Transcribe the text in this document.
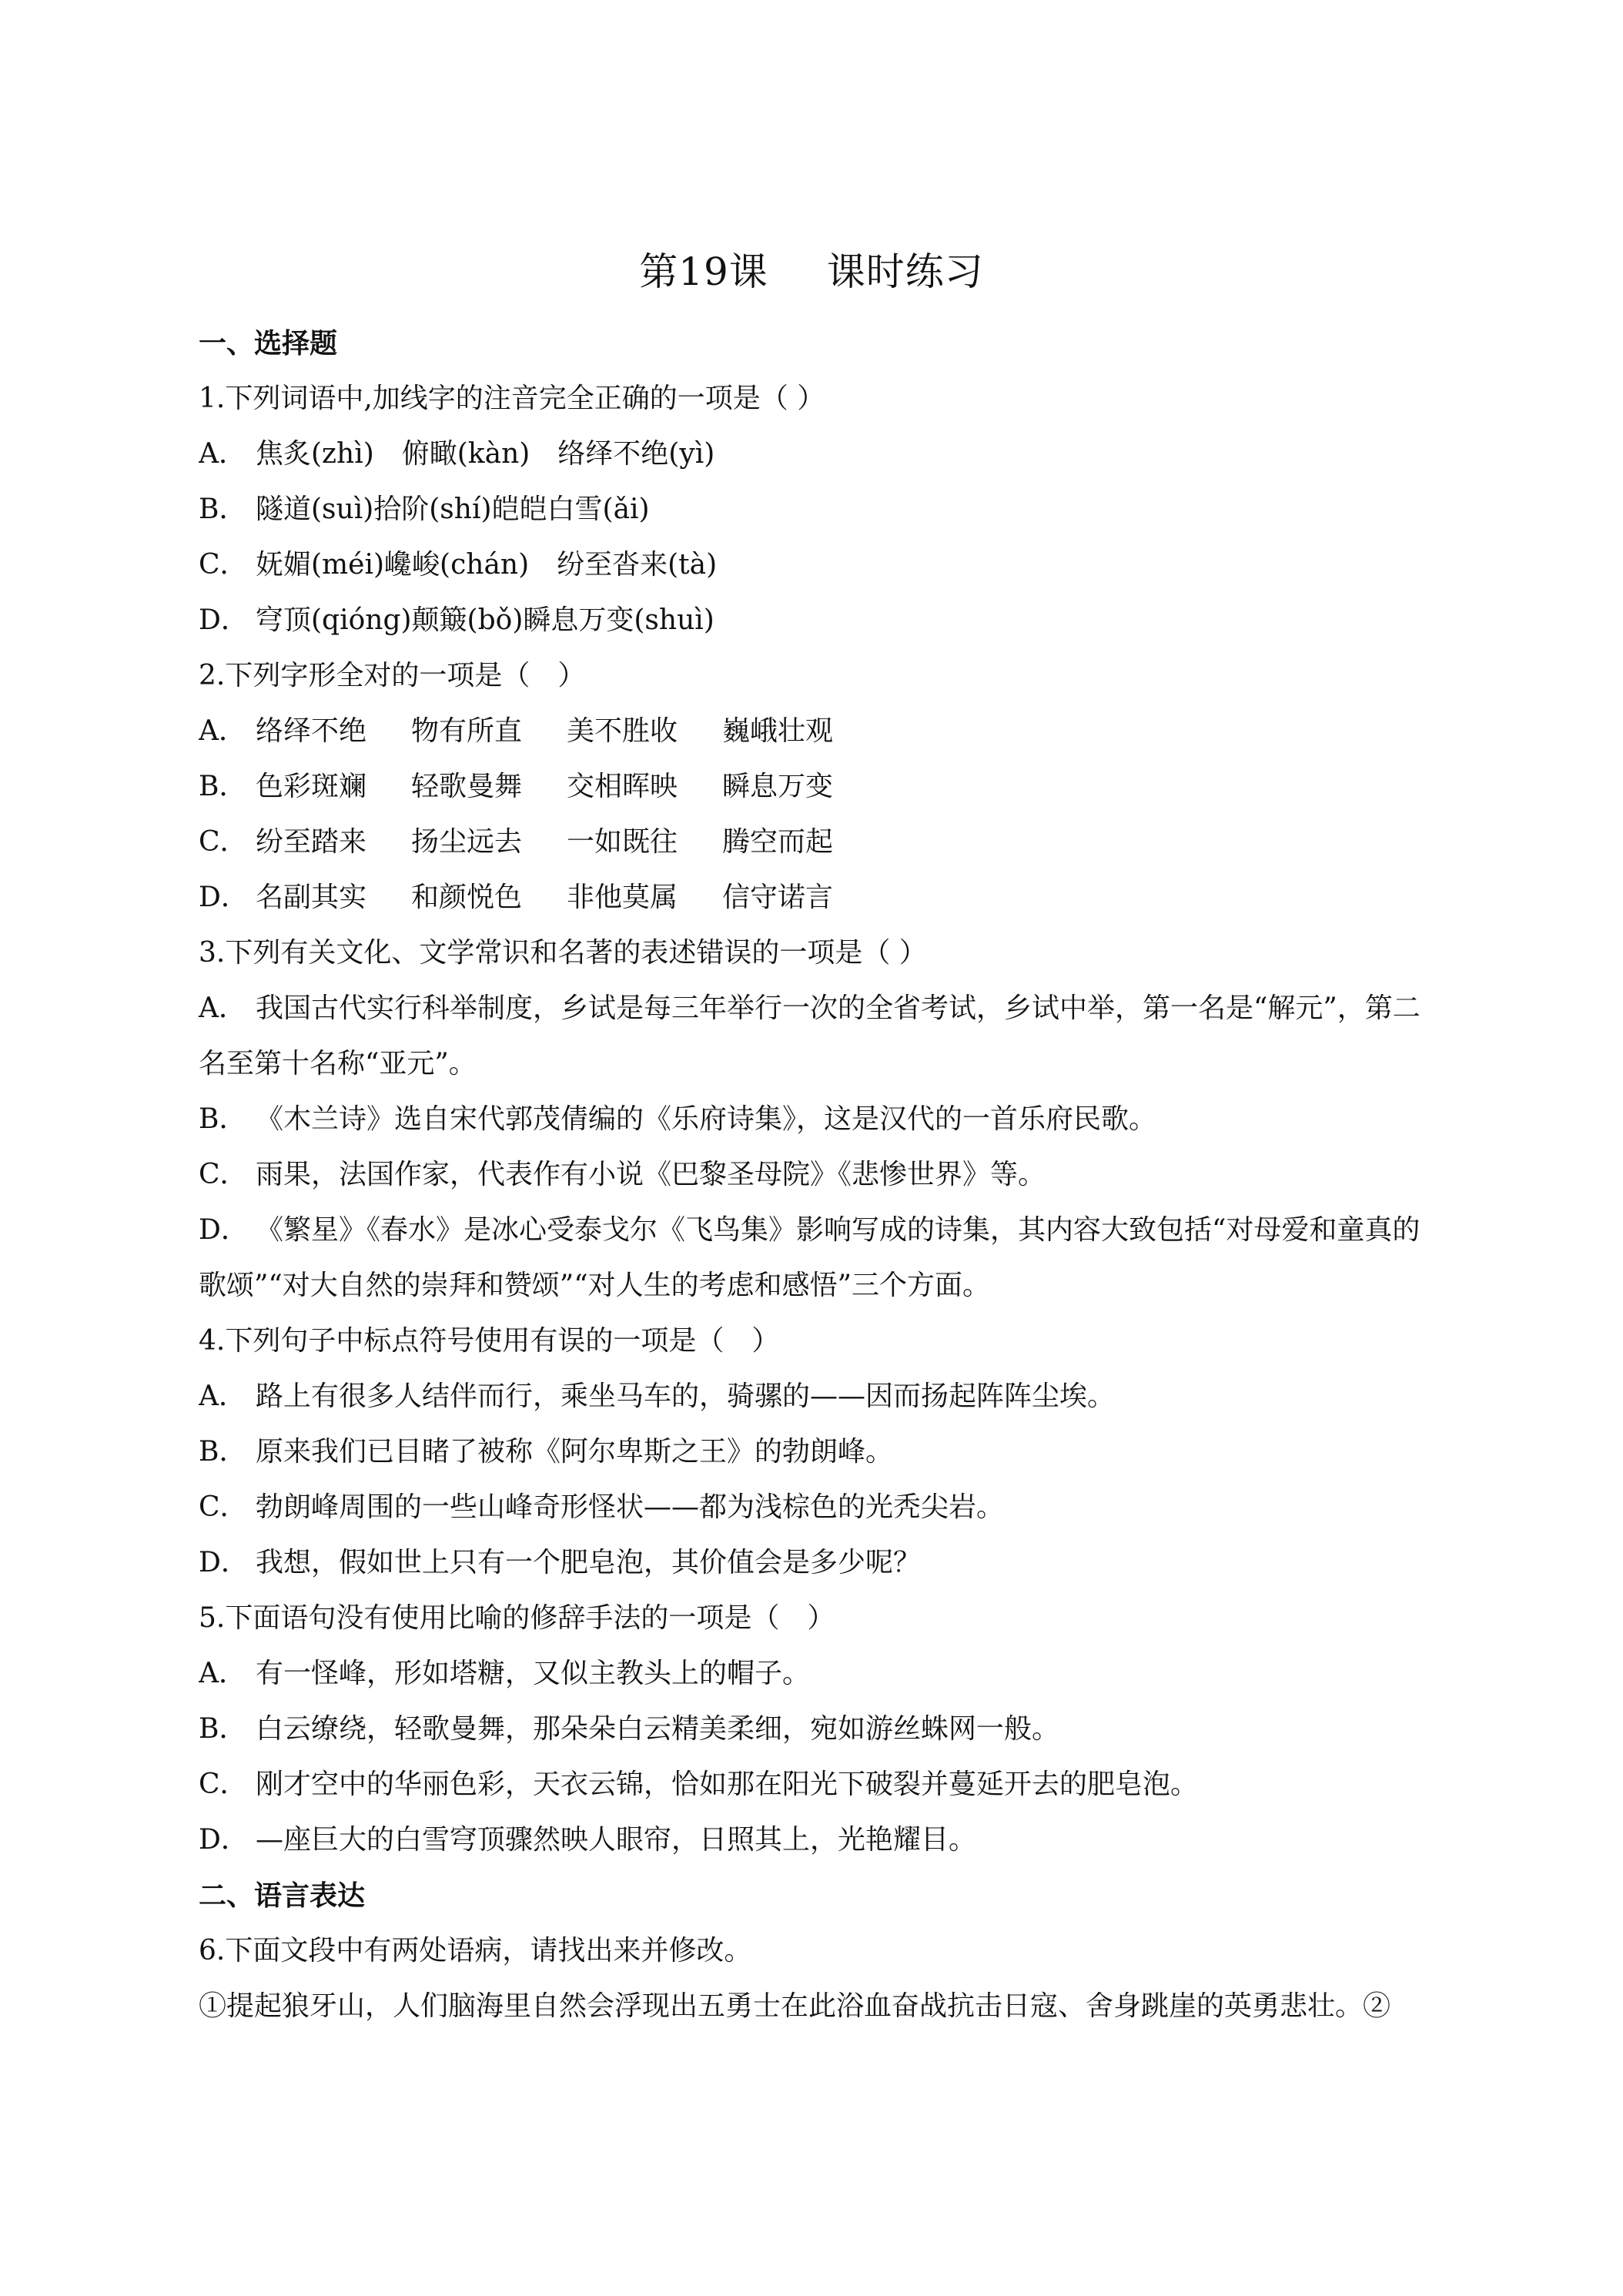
第19课 课时练习
一、选择题
1.下列词语中,加线字的注音完全正确的一项是（ ）
A． 焦炙(zhì)　俯瞰(kàn)　络绎不绝(yì)
B． 隧道(suì)拾阶(shí)皑皑白雪(ǎi)
C． 妩媚(méi)巉峻(chán)　纷至沓来(tà)
D． 穹顶(qióng)颠簸(bǒ)瞬息万变(shuì)
2.下列字形全对的一项是（　）
A． 络绎不绝 物有所直 美不胜收 巍峨壮观
B． 色彩斑斓 轻歌曼舞 交相晖映 瞬息万变
C． 纷至踏来 扬尘远去 一如既往 腾空而起
D． 名副其实 和颜悦色 非他莫属 信守诺言
3.下列有关文化、文学常识和名著的表述错误的一项是（ ）
A． 我国古代实行科举制度，乡试是每三年举行一次的全省考试，乡试中举，第一名是“解元”，第二名至第十名称“亚元”。
B． 《木兰诗》选自宋代郭茂倩编的《乐府诗集》，这是汉代的一首乐府民歌。
C． 雨果，法国作家，代表作有小说《巴黎圣母院》《悲惨世界》等。
D． 《繁星》《春水》是冰心受泰戈尔《飞鸟集》影响写成的诗集，其内容大致包括“对母爱和童真的歌颂”“对大自然的崇拜和赞颂”“对人生的考虑和感悟”三个方面。
4.下列句子中标点符号使用有误的一项是（　）
A． 路上有很多人结伴而行，乘坐马车的，骑骡的——因而扬起阵阵尘埃。
B． 原来我们已目睹了被称《阿尔卑斯之王》的勃朗峰。
C． 勃朗峰周围的一些山峰奇形怪状——都为浅棕色的光秃尖岩。
D． 我想，假如世上只有一个肥皂泡，其价值会是多少呢？
5.下面语句没有使用比喻的修辞手法的一项是（　）
A． 有一怪峰，形如塔糖，又似主教头上的帽子。
B． 白云缭绕，轻歌曼舞，那朵朵白云精美柔细，宛如游丝蛛网一般。
C． 刚才空中的华丽色彩，天衣云锦，恰如那在阳光下破裂并蔓延开去的肥皂泡。
D． —座巨大的白雪穹顶骤然映人眼帘，日照其上，光艳耀目。
二、语言表达
6.下面文段中有两处语病，请找出来并修改。
①提起狼牙山，人们脑海里自然会浮现出五勇士在此浴血奋战抗击日寇、舍身跳崖的英勇悲壮。②
